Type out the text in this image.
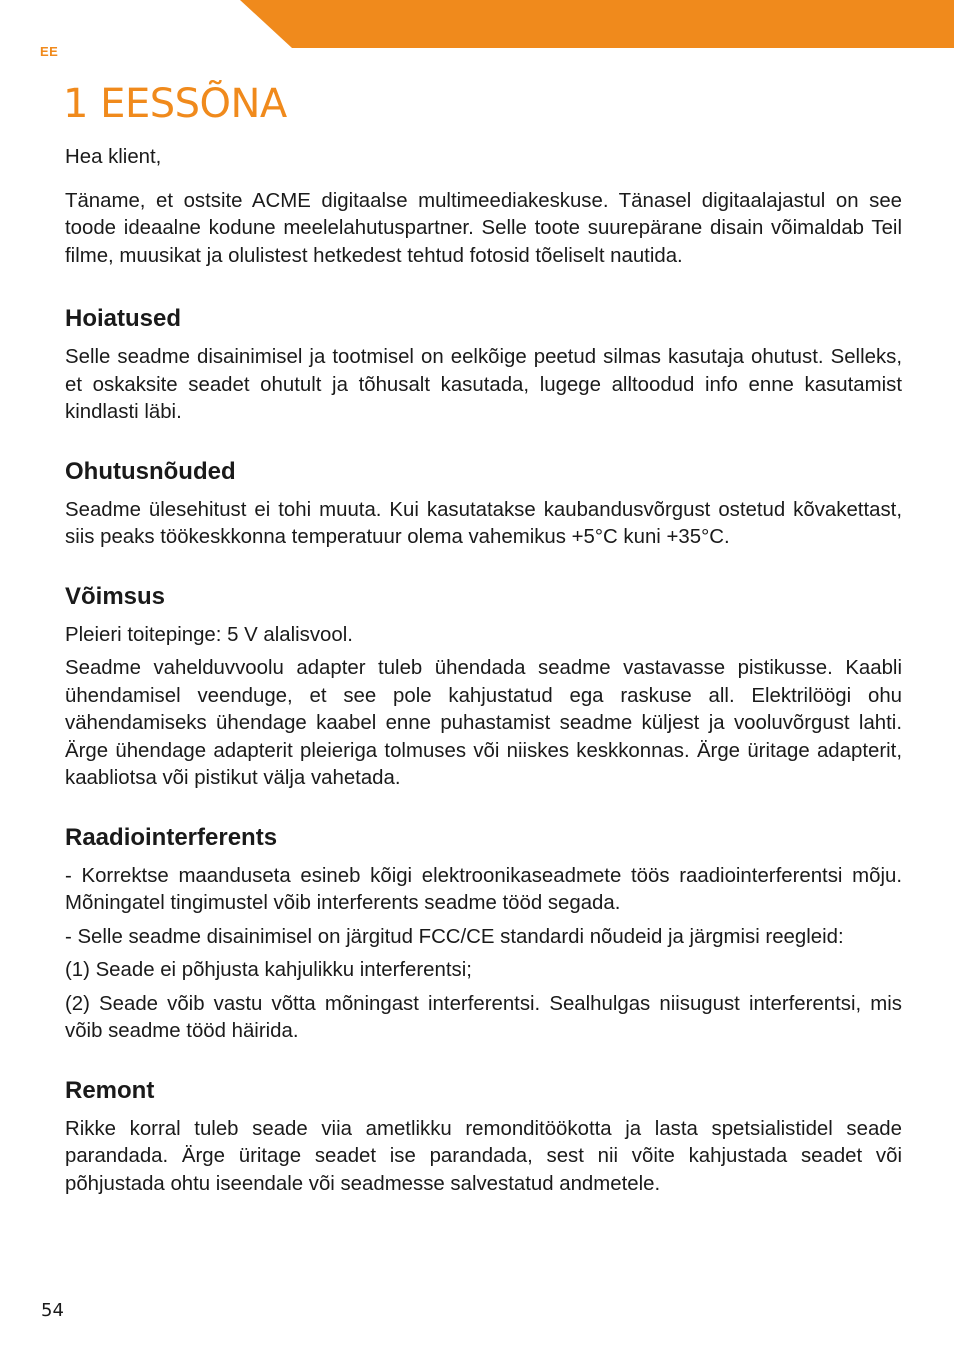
EE
1 EESSÕNA

Hea klient,

Täname, et ostsite ACME digitaalse multimeediakeskuse. Tänasel digitaalajastul on see toode ideaalne kodune meelelahutuspartner. Selle toote suurepärane disain võimaldab Teil filme, muusikat ja olulistest hetkedest tehtud fotosid tõeliselt nautida.

Hoiatused

Selle seadme disainimisel ja tootmisel on eelkõige peetud silmas kasutaja ohutust. Selleks, et oskaksite seadet ohutult ja tõhusalt kasutada, lugege alltoodud info enne kasutamist kindlasti läbi.

Ohutusnõuded

Seadme ülesehitust ei tohi muuta. Kui kasutatakse kaubandusvõrgust ostetud kõvakettast, siis peaks töökeskkonna temperatuur olema vahemikus +5°C kuni +35°C.

Võimsus

Pleieri toitepinge: 5 V alalisvool.

Seadme vahelduvvoolu adapter tuleb ühendada seadme vastavasse pistikusse. Kaabli ühendamisel veenduge, et see pole kahjustatud ega raskuse all. Elektrilöögi ohu vähendamiseks ühendage kaabel enne puhastamist seadme küljest ja vooluvõrgust lahti. Ärge ühendage adapterit pleieriga tolmuses või niiskes keskkonnas. Ärge üritage adapterit, kaabliotsa või pistikut välja vahetada.

Raadiointerferents

- Korrektse maanduseta esineb kõigi elektroonikaseadmete töös raadiointerferentsi mõju. Mõningatel tingimustel võib interferents seadme tööd segada.

- Selle seadme disainimisel on järgitud FCC/CE standardi nõudeid ja järgmisi reegleid:

(1) Seade ei põhjusta kahjulikku interferentsi;

(2) Seade võib vastu võtta mõningast interferentsi. Sealhulgas niisugust interferentsi, mis võib seadme tööd häirida.

Remont

Rikke korral tuleb seade viia ametlikku remonditöökotta ja lasta spetsialistidel seade parandada. Ärge üritage seadet ise parandada, sest nii võite kahjustada seadet või põhjustada ohtu iseendale või seadmesse salvestatud andmetele.

54
